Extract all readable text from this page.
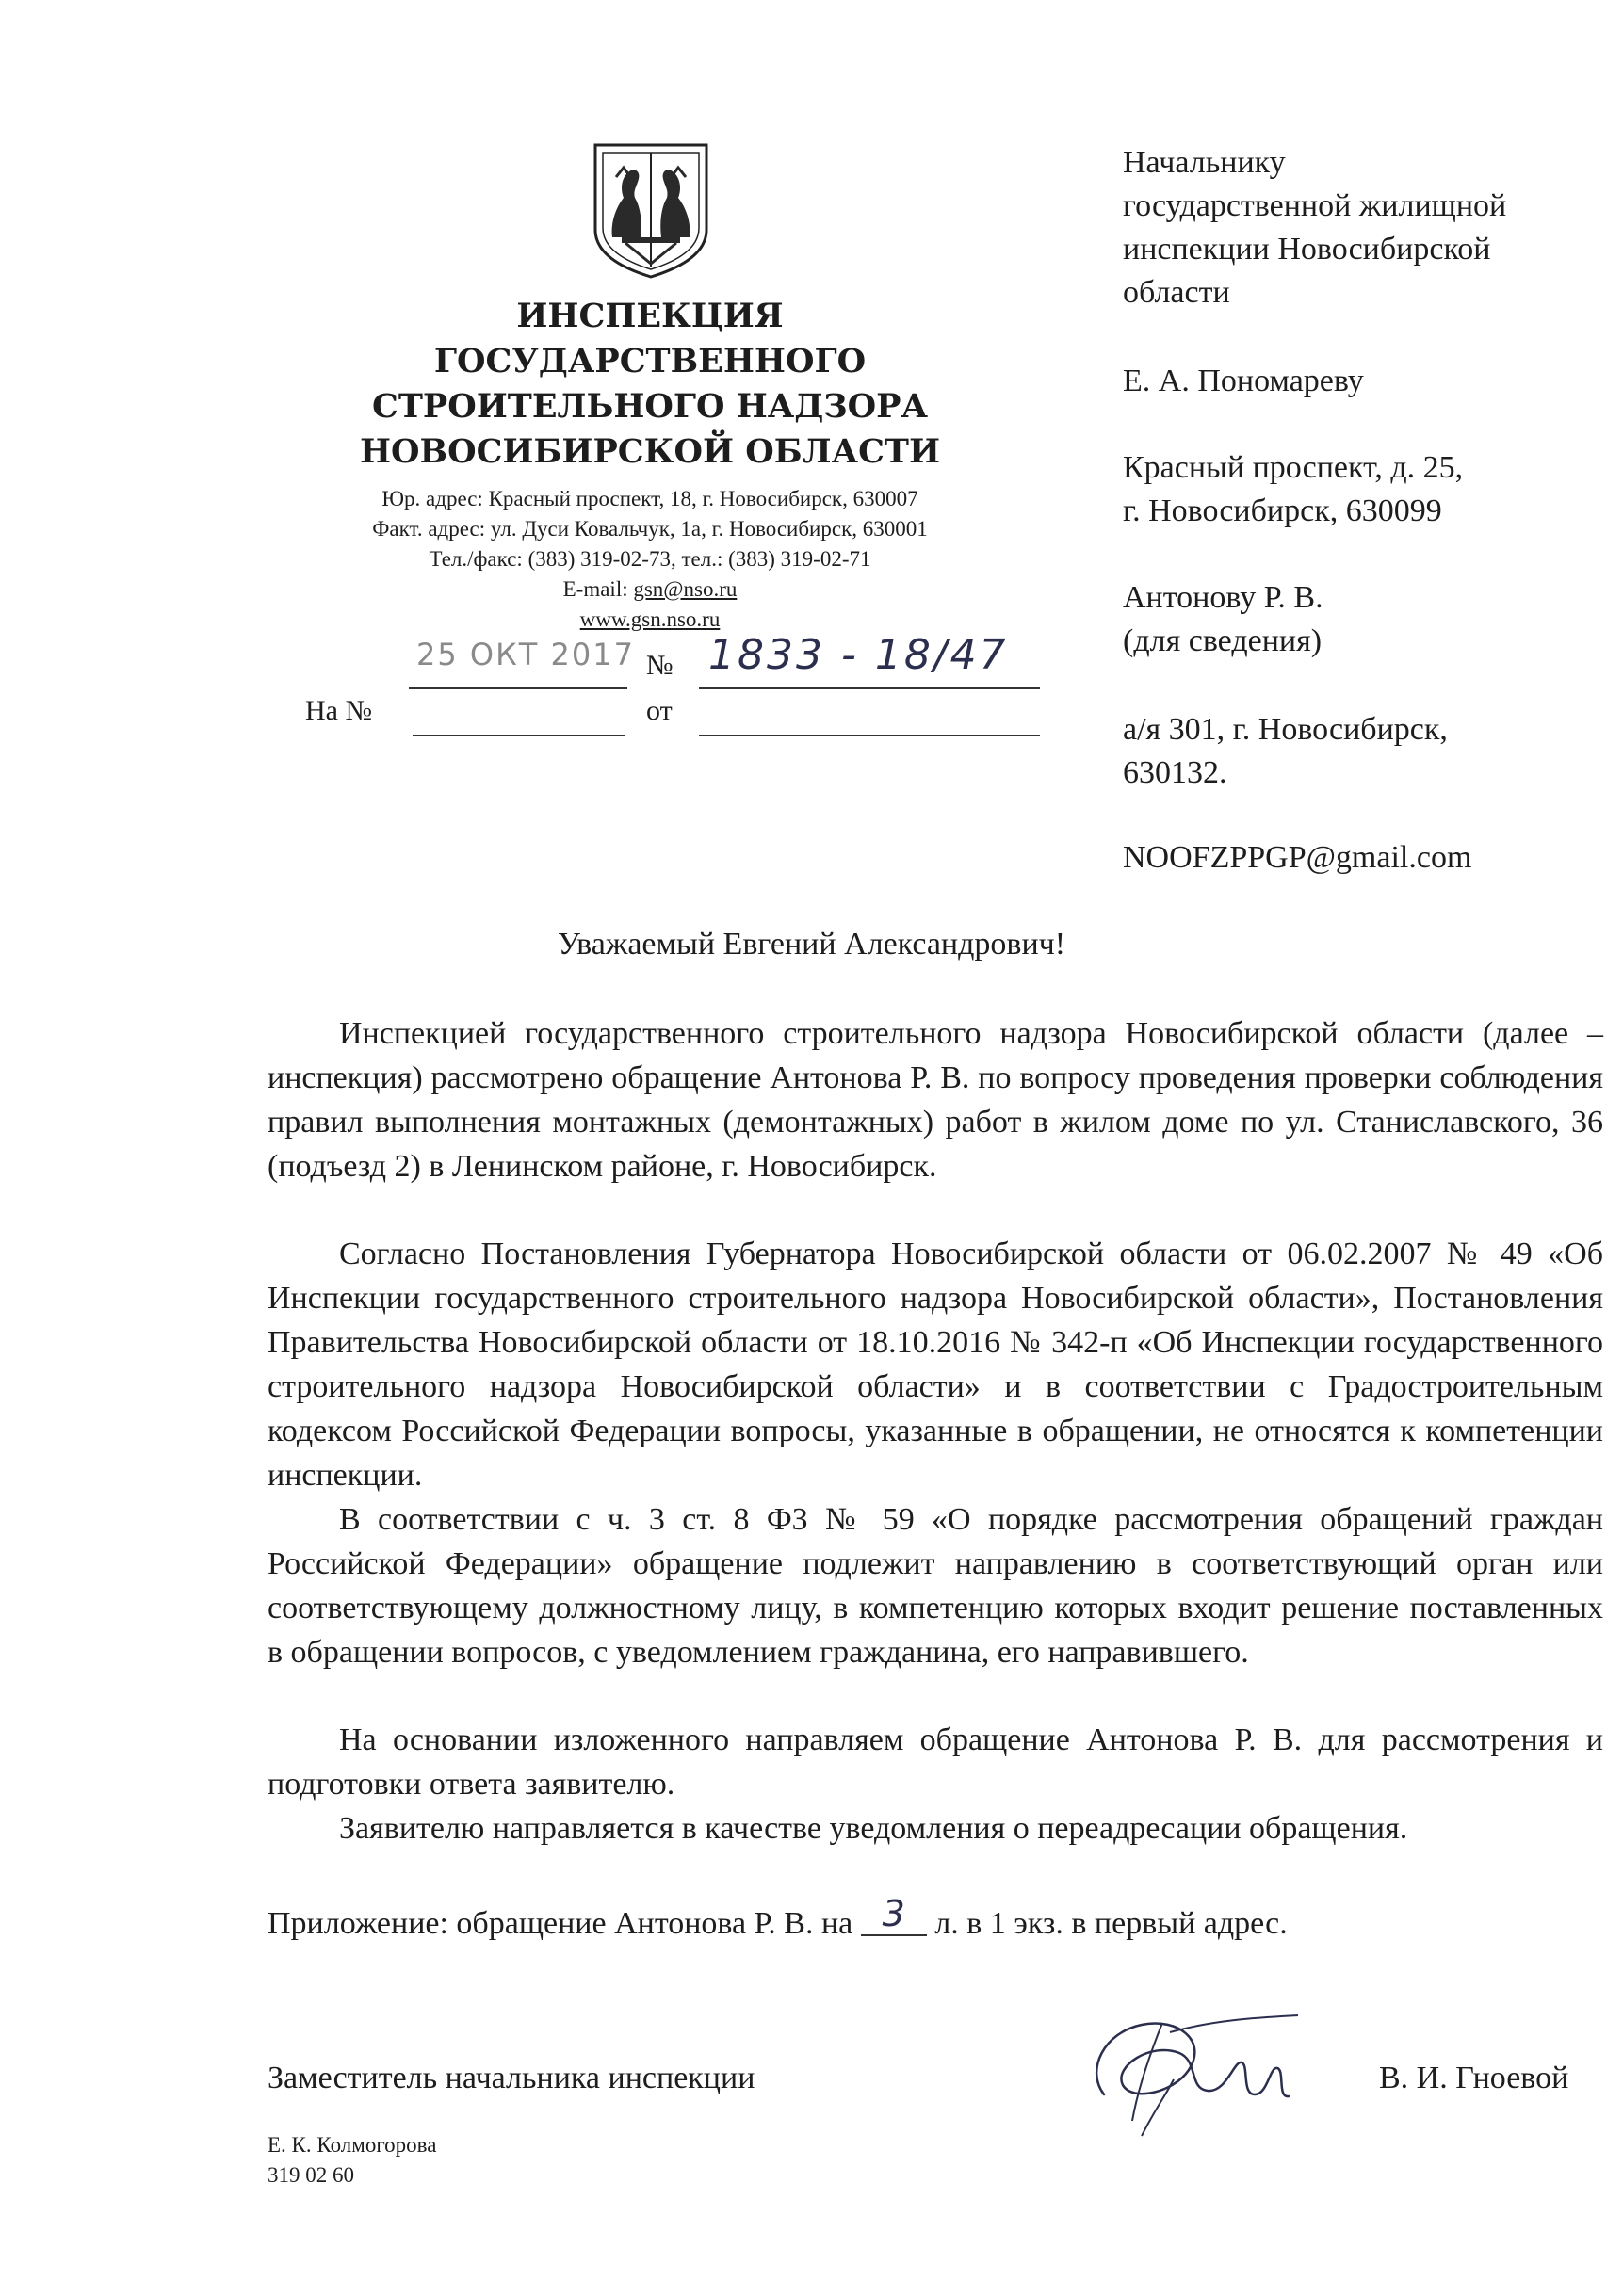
ИНСПЕКЦИЯ
ГОСУДАРСТВЕННОГО
СТРОИТЕЛЬНОГО НАДЗОРА
НОВОСИБИРСКОЙ ОБЛАСТИ
Юр. адрес: Красный проспект, 18, г. Новосибирск, 630007
Факт. адрес: ул. Дуси Ковальчук, 1а, г. Новосибирск, 630001
Тел./факс: (383) 319-02-73, тел.: (383) 319-02-71
E-mail: gsn@nso.ru
www.gsn.nso.ru
25 ОКТ 2017 № 1833 - 18/47
На №	от
Начальнику
государственной жилищной
инспекции Новосибирской
области
Е. А. Пономареву
Красный проспект, д. 25,
г. Новосибирск, 630099
Антонову Р. В.
(для сведения)
а/я 301, г. Новосибирск,
630132.
NOOFZPPGP@gmail.com
Уважаемый Евгений Александрович!
Инспекцией государственного строительного надзора Новосибирской области (далее – инспекция) рассмотрено обращение Антонова Р. В. по вопросу проведения проверки соблюдения правил выполнения монтажных (демонтажных) работ в жилом доме по ул. Станиславского, 36 (подъезд 2) в Ленинском районе, г. Новосибирск.
Согласно Постановления Губернатора Новосибирской области от 06.02.2007 № 49 «Об Инспекции государственного строительного надзора Новосибирской области», Постановления Правительства Новосибирской области от 18.10.2016 № 342-п «Об Инспекции государственного строительного надзора Новосибирской области» и в соответствии с Градостроительным кодексом Российской Федерации вопросы, указанные в обращении, не относятся к компетенции инспекции.
В соответствии с ч. 3 ст. 8 ФЗ № 59 «О порядке рассмотрения обращений граждан Российской Федерации» обращение подлежит направлению в соответствующий орган или соответствующему должностному лицу, в компетенцию которых входит решение поставленных в обращении вопросов, с уведомлением гражданина, его направившего.
На основании изложенного направляем обращение Антонова Р. В. для рассмотрения и подготовки ответа заявителю.
Заявителю направляется в качестве уведомления о переадресации обращения.
Приложение: обращение Антонова Р. В. на 3 л. в 1 экз. в первый адрес.
Заместитель начальника инспекции	В. И. Гноевой
Е. К. Колмогорова
319 02 60
